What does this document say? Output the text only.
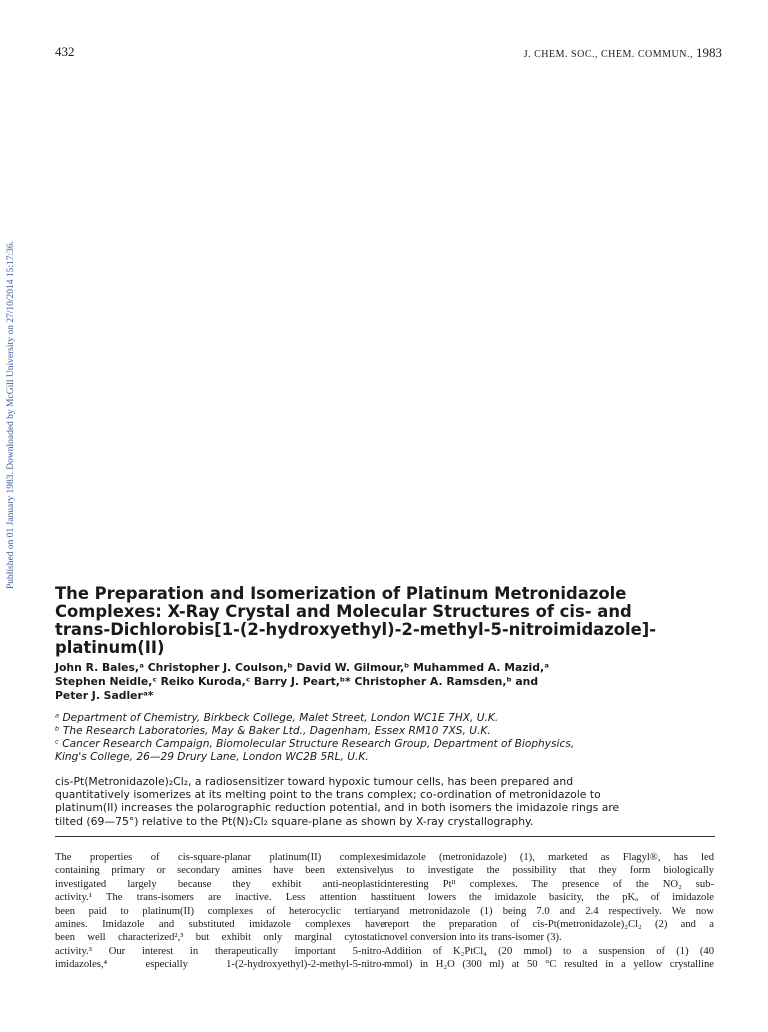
432	J. CHEM. SOC., CHEM. COMMUN., 1983
Published on 01 January 1983. Downloaded by McGill University on 27/10/2014 15:17:36.
The Preparation and Isomerization of Platinum Metronidazole
Complexes: X-Ray Crystal and Molecular Structures of cis- and
trans-Dichlorobis[1-(2-hydroxyethyl)-2-methyl-5-nitroimidazole]-
platinum(II)
John R. Bales,ᵃ Christopher J. Coulson,ᵇ David W. Gilmour,ᵇ Muhammed A. Mazid,ᵃ
Stephen Neidle,ᶜ Reiko Kuroda,ᶜ Barry J. Peart,ᵇ* Christopher A. Ramsden,ᵇ and
Peter J. Sadlerᵃ*
ᵃ Department of Chemistry, Birkbeck College, Malet Street, London WC1E 7HX, U.K.
ᵇ The Research Laboratories, May & Baker Ltd., Dagenham, Essex RM10 7XS, U.K.
ᶜ Cancer Research Campaign, Biomolecular Structure Research Group, Department of Biophysics,
King's College, 26—29 Drury Lane, London WC2B 5RL, U.K.
cis-Pt(Metronidazole)₂Cl₂, a radiosensitizer toward hypoxic tumour cells, has been prepared and
quantitatively isomerizes at its melting point to the trans complex; co-ordination of metronidazole to
platinum(II) increases the polarographic reduction potential, and in both isomers the imidazole rings are
tilted (69—75°) relative to the Pt(N)₂Cl₂ square-plane as shown by X-ray crystallography.
The properties of cis-square-planar platinum(II) complexes
containing primary or secondary amines have been extensively
investigated largely because they exhibit anti-neoplastic
activity.¹ The trans-isomers are inactive. Less attention has
been paid to platinum(II) complexes of heterocyclic tertiary
amines. Imidazole and substituted imidazole complexes have
been well characterized²,³ but exhibit only marginal cytostatic
activity.³ Our interest in therapeutically important 5-nitro-
imidazoles,⁴ especially 1-(2-hydroxyethyl)-2-methyl-5-nitro-
imidazole (metronidazole) (1), marketed as Flagyl®, has led
us to investigate the possibility that they form biologically
interesting Ptᴵᴵ complexes. The presence of the NO₂ sub-
stituent lowers the imidazole basicity, the pKₐ of imidazole
and metronidazole (1) being 7.0 and 2.4 respectively. We now
report the preparation of cis-Pt(metronidazole)₂Cl₂ (2) and a
novel conversion into its trans-isomer (3).
Addition of K₂PtCl₄ (20 mmol) to a suspension of (1) (40
mmol) in H₂O (300 ml) at 50 °C resulted in a yellow crystalline
